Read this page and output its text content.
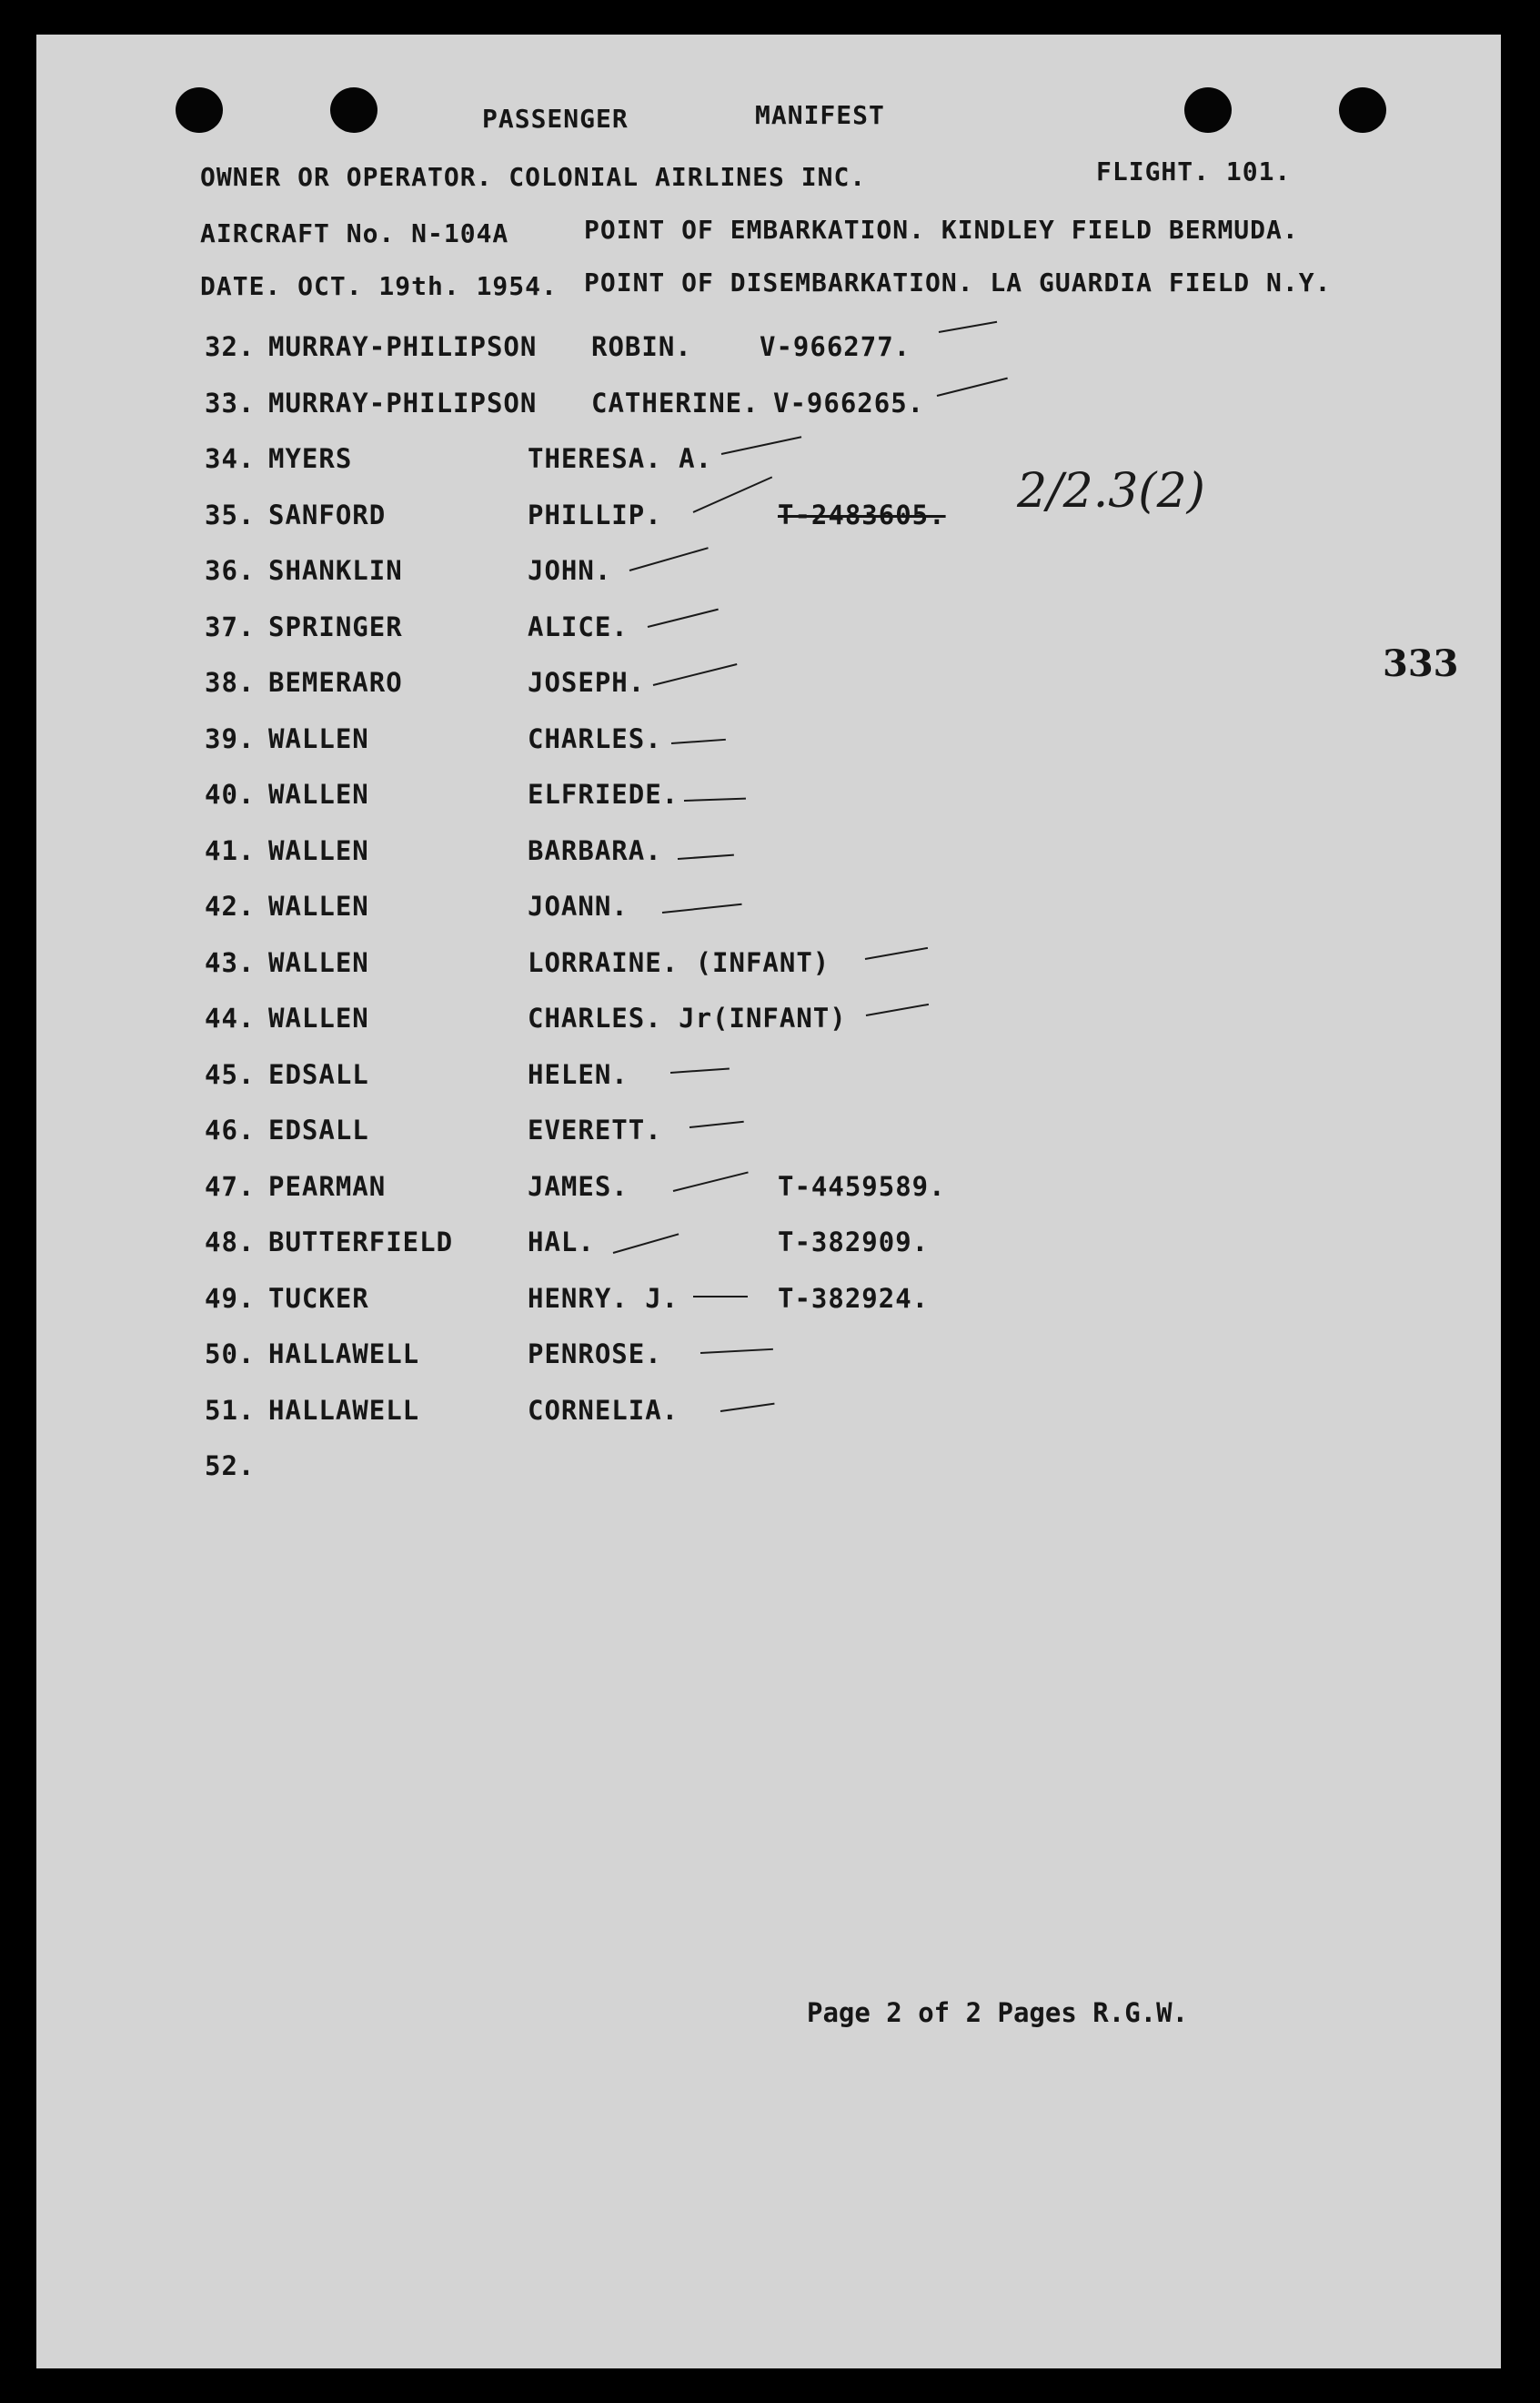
PASSENGER	MANIFEST
OWNER OR OPERATOR. COLONIAL AIRLINES INC.	FLIGHT. 101.
AIRCRAFT No. N-104A	POINT OF EMBARKATION. KINDLEY FIELD BERMUDA.
DATE. OCT. 19th. 1954. POINT OF DISEMBARKATION. LA GUARDIA FIELD N.Y.
32. MURRAY-PHILIPSON ROBIN.	V-966277.
33. MURRAY-PHILIPSON CATHERINE. V-966265.
34. MYERS	THERESA. A.
35. SANFORD	PHILLIP.	T-2483605.
36. SHANKLIN	JOHN.
37. SPRINGER	ALICE.
38. BEMERARO	JOSEPH.
39. WALLEN	CHARLES.
40. WALLEN	ELFRIEDE.
41. WALLEN	BARBARA.
42. WALLEN	JOANN.
43. WALLEN	LORRAINE. (INFANT)
44. WALLEN	CHARLES. Jr(INFANT)
45. EDSALL	HELEN.
46. EDSALL	EVERETT.
47. PEARMAN	JAMES.	T-4459589.
48. BUTTERFIELD	HAL.	T-382909.
49. TUCKER	HENRY. J.	T-382924.
50. HALLAWELL	PENROSE.
51. HALLAWELL	CORNELIA.
52.
2/2.3(2)
333
Page 2 of 2 Pages R.G.W.
